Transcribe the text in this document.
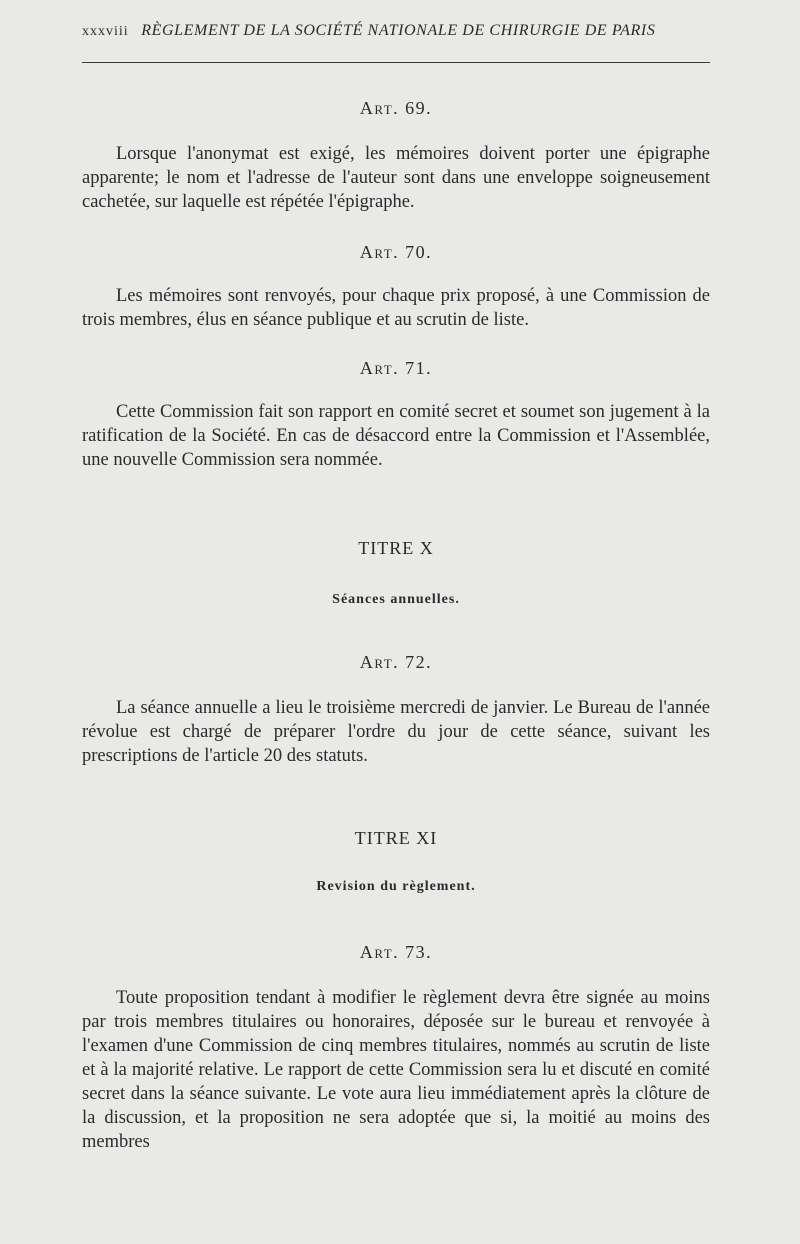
xxxviii RÈGLEMENT DE LA SOCIÉTÉ NATIONALE DE CHIRURGIE DE PARIS
Art. 69.

Lorsque l'anonymat est exigé, les mémoires doivent porter une épigraphe apparente; le nom et l'adresse de l'auteur sont dans une enveloppe soigneusement cachetée, sur laquelle est répétée l'épigraphe.

Art. 70.

Les mémoires sont renvoyés, pour chaque prix proposé, à une Commission de trois membres, élus en séance publique et au scrutin de liste.

Art. 71.

Cette Commission fait son rapport en comité secret et soumet son jugement à la ratification de la Société. En cas de désaccord entre la Commission et l'Assemblée, une nouvelle Commission sera nommée.

TITRE X
Séances annuelles.
Art. 72.

La séance annuelle a lieu le troisième mercredi de janvier. Le Bureau de l'année révolue est chargé de préparer l'ordre du jour de cette séance, suivant les prescriptions de l'article 20 des statuts.

TITRE XI
Revision du règlement.
Art. 73.

Toute proposition tendant à modifier le règlement devra être signée au moins par trois membres titulaires ou honoraires, déposée sur le bureau et renvoyée à l'examen d'une Commission de cinq membres titulaires, nommés au scrutin de liste et à la majorité relative. Le rapport de cette Commission sera lu et discuté en comité secret dans la séance suivante. Le vote aura lieu immédiatement après la clôture de la discussion, et la proposition ne sera adoptée que si, la moitié au moins des membres
